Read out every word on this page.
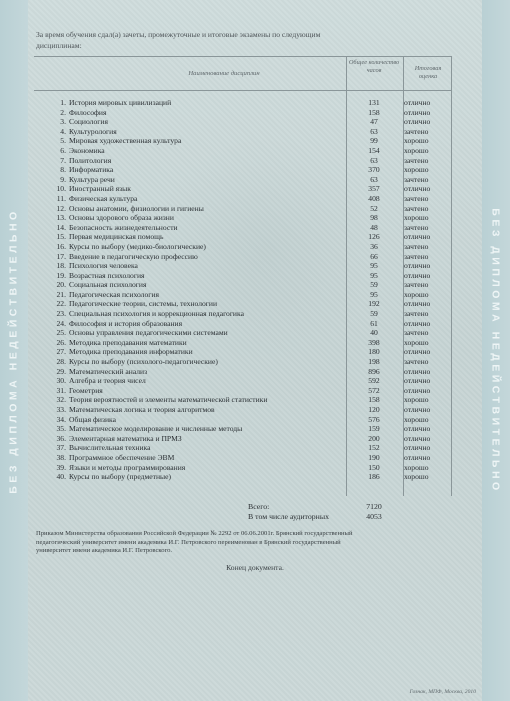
БЕЗ ДИПЛОМА НЕДЕЙСТВИТЕЛЬНО	БЕЗ ДИПЛОМА НЕДЕЙСТВИТЕЛЬНО
За время обучения сдал(а) зачеты, промежуточные и итоговые экзамены по следующим дисциплинам:
Наименование дисциплин
Общее количество часов	Итоговая оценка
1. История мировых цивилизаций	131	отлично
2. Философия	158	отлично
3. Социология	47	отлично
4. Культурология	63	зачтено
5. Мировая художественная культура	99	хорошо
6. Экономика	154	хорошо
7. Политология	63	зачтено
8. Информатика	370	хорошо
9. Культура речи	63	зачтено
10. Иностранный язык	357	отлично
11. Физическая культура	408	зачтено
12. Основы анатомии, физиологии и гигиены	52	зачтено
13. Основы здорового образа жизни	98	хорошо
14. Безопасность жизнедеятельности	48	зачтено
15. Первая медицинская помощь	126	отлично
16. Курсы по выбору (медико-биологические)	36	зачтено
17. Введение в педагогическую профессию	66	зачтено
18. Психология человека	95	отлично
19. Возрастная психология	95	отлично
20. Социальная психология	59	зачтено
21. Педагогическая психология	95	хорошо
22. Педагогические теории, системы, технологии	192	отлично
23. Специальная психология и коррекционная педагогика	59	зачтено
24. Философия и история образования	61	отлично
25. Основы управления педагогическими системами	40	зачтено
26. Методика преподавания математики	398	хорошо
27. Методика преподавания информатики	180	отлично
28. Курсы по выбору (психолого-педагогические)	198	зачтено
29. Математический анализ	896	отлично
30. Алгебра и теория чисел	592	отлично
31. Геометрия	572	отлично
32. Теория вероятностей и элементы математической статистики	158	хорошо
33. Математическая логика и теория алгоритмов	120	отлично
34. Общая физика	576	хорошо
35. Математическое моделирование и численные методы	159	отлично
36. Элементарная математика и ПРМЗ	200	отлично
37. Вычислительная техника	152	отлично
38. Программное обеспечение ЭВМ	190	отлично
39. Языки и методы программирования	150	хорошо
40. Курсы по выбору (предметные)	186	хорошо
Всего:	7120
В том числе аудиторных	4053
Приказом Министерства образования Российской Федерации № 2292 от 06.06.2001г. Брянский государственный педагогический университет имени академика И.Г. Петровского переименован в Брянский государственный университет имени академика И.Г. Петровского.
Конец документа.
Гознак, МПФ, Москва, 2010
